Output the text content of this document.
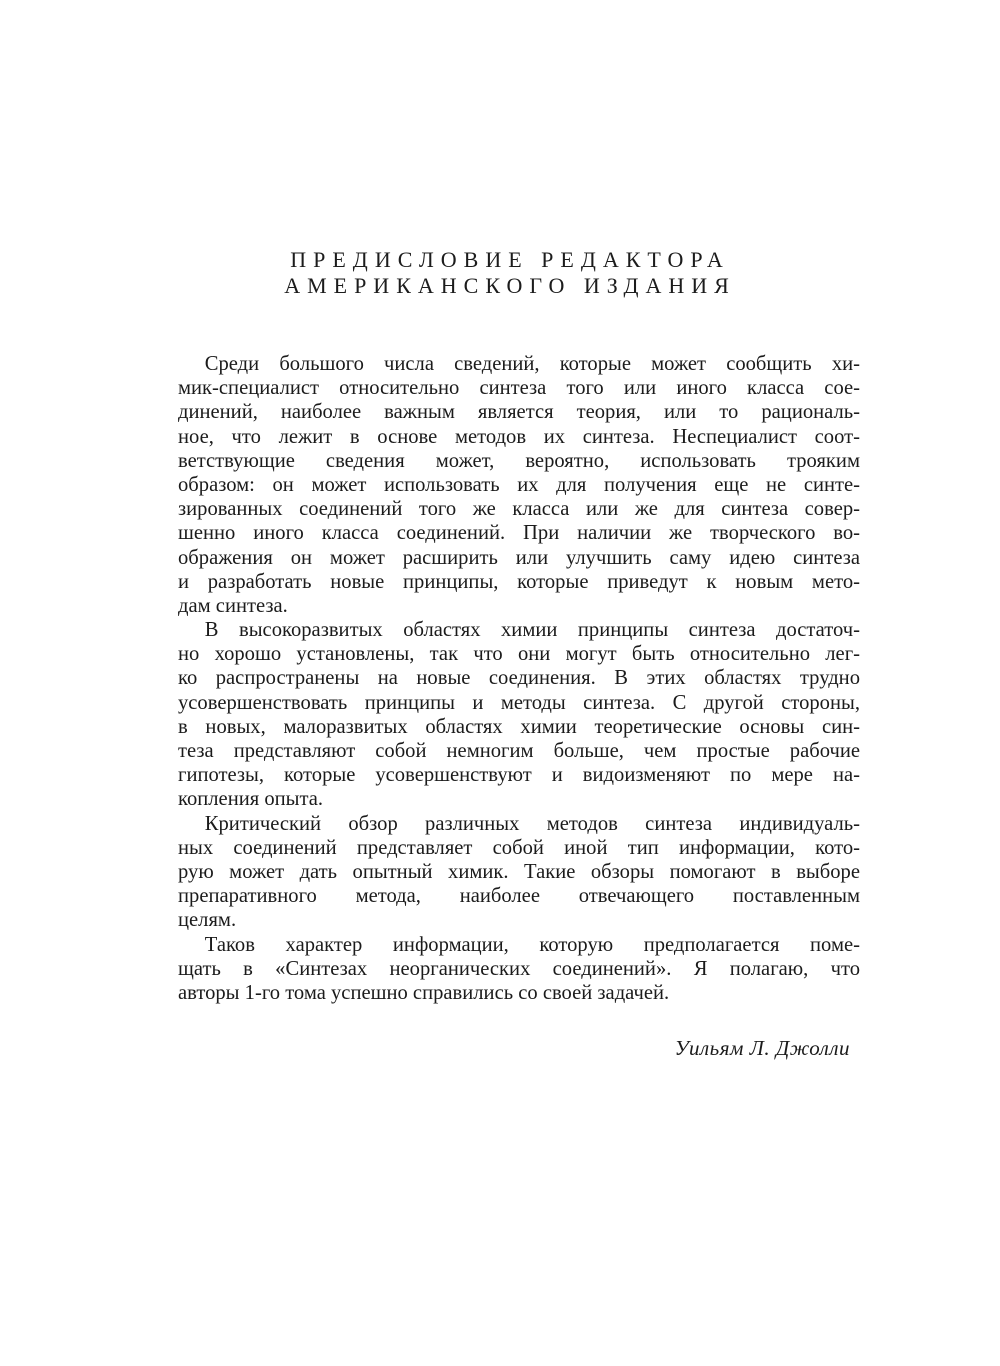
ПРЕДИСЛОВИЕ РЕДАКТОРА
АМЕРИКАНСКОГО ИЗДАНИЯ
Среди большого числа сведений, которые может сообщить хи-
мик-специалист относительно синтеза того или иного класса сое-
динений, наиболее важным является теория, или то рациональ-
ное, что лежит в основе методов их синтеза. Неспециалист соот-
ветствующие сведения может, вероятно, использовать трояким
образом: он может использовать их для получения еще не синте-
зированных соединений того же класса или же для синтеза совер-
шенно иного класса соединений. При наличии же творческого во-
ображения он может расширить или улучшить саму идею синтеза
и разработать новые принципы, которые приведут к новым мето-
дам синтеза.
В высокоразвитых областях химии принципы синтеза достаточ-
но хорошо установлены, так что они могут быть относительно лег-
ко распространены на новые соединения. В этих областях трудно
усовершенствовать принципы и методы синтеза. С другой стороны,
в новых, малоразвитых областях химии теоретические основы син-
теза представляют собой немногим больше, чем простые рабочие
гипотезы, которые усовершенствуют и видоизменяют по мере на-
копления опыта.
Критический обзор различных методов синтеза индивидуаль-
ных соединений представляет собой иной тип информации, кото-
рую может дать опытный химик. Такие обзоры помогают в выборе
препаративного метода, наиболее отвечающего поставленным
целям.
Таков характер информации, которую предполагается поме-
щать в «Синтезах неорганических соединений». Я полагаю, что
авторы 1-го тома успешно справились со своей задачей.
Уильям Л. Джолли
